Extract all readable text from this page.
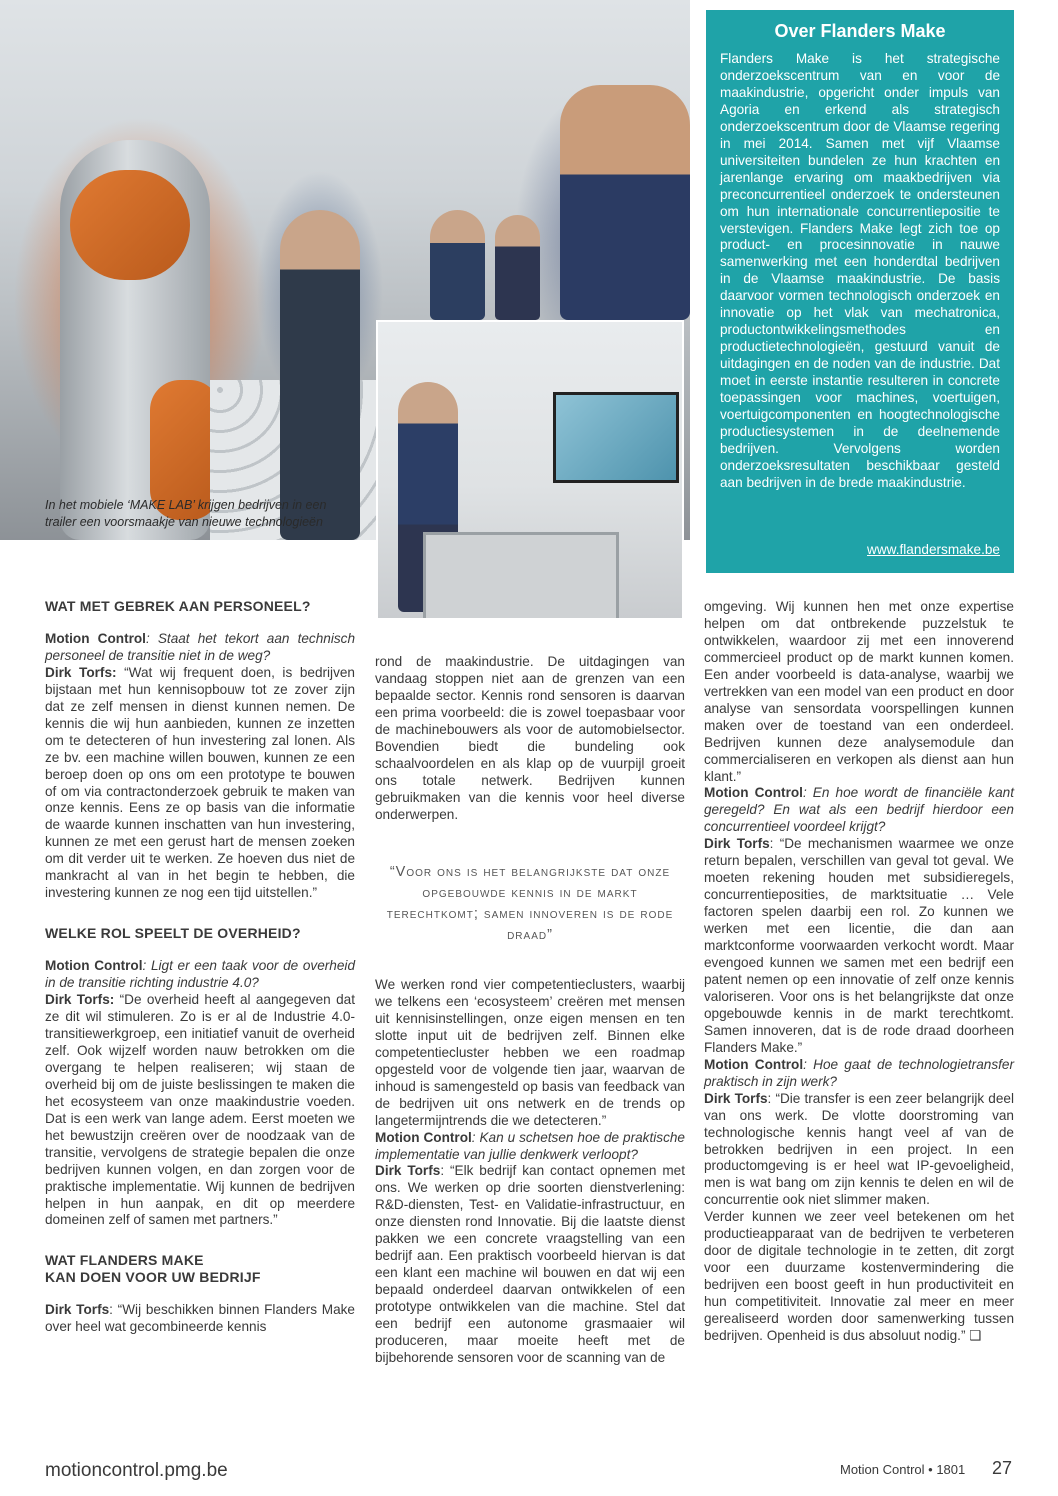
In het mobiele ‘MAKE LAB’ krijgen bedrijven in een trailer een voorsmaakje van nieuwe technologieën
Over Flanders Make

Flanders Make is het strategische onderzoekscentrum van en voor de maakindustrie, opgericht onder impuls van Agoria en erkend als strategisch onderzoekscentrum door de Vlaamse regering in mei 2014. Samen met vijf Vlaamse universiteiten bundelen ze hun krachten en jarenlange ervaring om maakbedrijven via preconcurrentieel onderzoek te ondersteunen om hun internationale concurrentiepositie te verstevigen. Flanders Make legt zich toe op product- en procesinnovatie in nauwe samenwerking met een honderdtal bedrijven in de Vlaamse maakindustrie. De basis daarvoor vormen technologisch onderzoek en innovatie op het vlak van mechatronica, productontwikkelingsmethodes en productietechnologieën, gestuurd vanuit de uitdagingen en de noden van de industrie. Dat moet in eerste instantie resulteren in concrete toepassingen voor machines, voertuigen, voertuigcomponenten en hoogtechnologische productiesystemen in de deelnemende bedrijven. Vervolgens worden onderzoeksresultaten beschikbaar gesteld aan bedrijven in de brede maakindustrie.

www.flandersmake.be

WAT MET GEBREK AAN PERSONEEL?

Motion Control: Staat het tekort aan technisch personeel de transitie niet in de weg?

Dirk Torfs: “Wat wij frequent doen, is bedrijven bijstaan met hun kennisopbouw tot ze zover zijn dat ze zelf mensen in dienst kunnen nemen. De kennis die wij hun aanbieden, kunnen ze inzetten om te detecteren of hun investering zal lonen. Als ze bv. een machine willen bouwen, kunnen ze een beroep doen op ons om een prototype te bouwen of om via contractonderzoek gebruik te maken van onze kennis. Eens ze op basis van die informatie de waarde kunnen inschatten van hun investering, kunnen ze met een gerust hart de mensen zoeken om dit verder uit te werken. Ze hoeven dus niet de mankracht al van in het begin te hebben, die investering kunnen ze nog een tijd uitstellen.”

WELKE ROL SPEELT DE OVERHEID?

Motion Control: Ligt er een taak voor de overheid in de transitie richting industrie 4.0?

Dirk Torfs: “De overheid heeft al aangegeven dat ze dit wil stimuleren. Zo is er al de Industrie 4.0-transitiewerkgroep, een initiatief vanuit de overheid zelf. Ook wijzelf worden nauw betrokken om die overgang te helpen realiseren; wij staan de overheid bij om de juiste beslissingen te maken die het ecosysteem van onze maakindustrie voeden. Dat is een werk van lange adem. Eerst moeten we het bewustzijn creëren over de noodzaak van de transitie, vervolgens de strategie bepalen die onze bedrijven kunnen volgen, en dan zorgen voor de praktische implementatie. Wij kunnen de bedrijven helpen in hun aanpak, en dit op meerdere domeinen zelf of samen met partners.”

WAT FLANDERS MAKE

KAN DOEN VOOR UW BEDRIJF

Dirk Torfs: “Wij beschikken binnen Flanders Make over heel wat gecombineerde kennis

rond de maakindustrie. De uitdagingen van vandaag stoppen niet aan de grenzen van een bepaalde sector. Kennis rond sensoren is daarvan een prima voorbeeld: die is zowel toepasbaar voor de machinebouwers als voor de automobielsector. Bovendien biedt die bundeling ook schaalvoordelen en als klap op de vuurpijl groeit ons totale netwerk. Bedrijven kunnen gebruikmaken van die kennis voor heel diverse onderwerpen.

“Voor ons is het belangrijkste dat onze opgebouwde kennis in de markt terechtkomt; samen innoveren is de rode draad”

We werken rond vier competentieclusters, waarbij we telkens een ‘ecosysteem’ creëren met mensen uit kennisinstellingen, onze eigen mensen en ten slotte input uit de bedrijven zelf. Binnen elke competentiecluster hebben we een roadmap opgesteld voor de volgende tien jaar, waarvan de inhoud is samengesteld op basis van feedback van de bedrijven uit ons netwerk en de trends op langetermijntrends die we detecteren.”

Motion Control: Kan u schetsen hoe de praktische implementatie van jullie denkwerk verloopt?

Dirk Torfs: “Elk bedrijf kan contact opnemen met ons. We werken op drie soorten dienstverlening: R&D-diensten, Test- en Validatie-infrastructuur, en onze diensten rond Innovatie. Bij die laatste dienst pakken we een concrete vraagstelling van een bedrijf aan. Een praktisch voorbeeld hiervan is dat een klant een machine wil bouwen en dat wij een bepaald onderdeel daarvan ontwikkelen of een prototype ontwikkelen van die machine. Stel dat een bedrijf een autonome grasmaaier wil produceren, maar moeite heeft met de bijbehorende sensoren voor de scanning van de

omgeving. Wij kunnen hen met onze expertise helpen om dat ontbrekende puzzelstuk te ontwikkelen, waardoor zij met een innoverend commercieel product op de markt kunnen komen. Een ander voorbeeld is data-analyse, waarbij we vertrekken van een model van een product en door analyse van sensordata voorspellingen kunnen maken over de toestand van een onderdeel. Bedrijven kunnen deze analysemodule dan commercialiseren en verkopen als dienst aan hun klant.”

Motion Control: En hoe wordt de financiële kant geregeld? En wat als een bedrijf hierdoor een concurrentieel voordeel krijgt?

Dirk Torfs: “De mechanismen waarmee we onze return bepalen, verschillen van geval tot geval. We moeten rekening houden met subsidieregels, concurrentieposities, de marktsituatie … Vele factoren spelen daarbij een rol. Zo kunnen we werken met een licentie, die dan aan marktconforme voorwaarden verkocht wordt. Maar evengoed kunnen we samen met een bedrijf een patent nemen op een innovatie of zelf onze kennis valoriseren. Voor ons is het belangrijkste dat onze opgebouwde kennis in de markt terechtkomt. Samen innoveren, dat is de rode draad doorheen Flanders Make.”

Motion Control: Hoe gaat de technologietransfer praktisch in zijn werk?

Dirk Torfs: “Die transfer is een zeer belangrijk deel van ons werk. De vlotte doorstroming van technologische kennis hangt veel af van de betrokken bedrijven in een project. In een productomgeving is er heel wat IP-gevoeligheid, men is wat bang om zijn kennis te delen en wil de concurrentie ook niet slimmer maken.

Verder kunnen we zeer veel betekenen om het productieapparaat van de bedrijven te verbeteren door de digitale technologie in te zetten, dit zorgt voor een duurzame kostenvermindering die bedrijven een boost geeft in hun productiviteit en hun competitiviteit. Innovatie zal meer en meer gerealiseerd worden door samenwerking tussen bedrijven. Openheid is dus absoluut nodig.” ❑

motioncontrol.pmg.be	Motion Control • 1801 27
